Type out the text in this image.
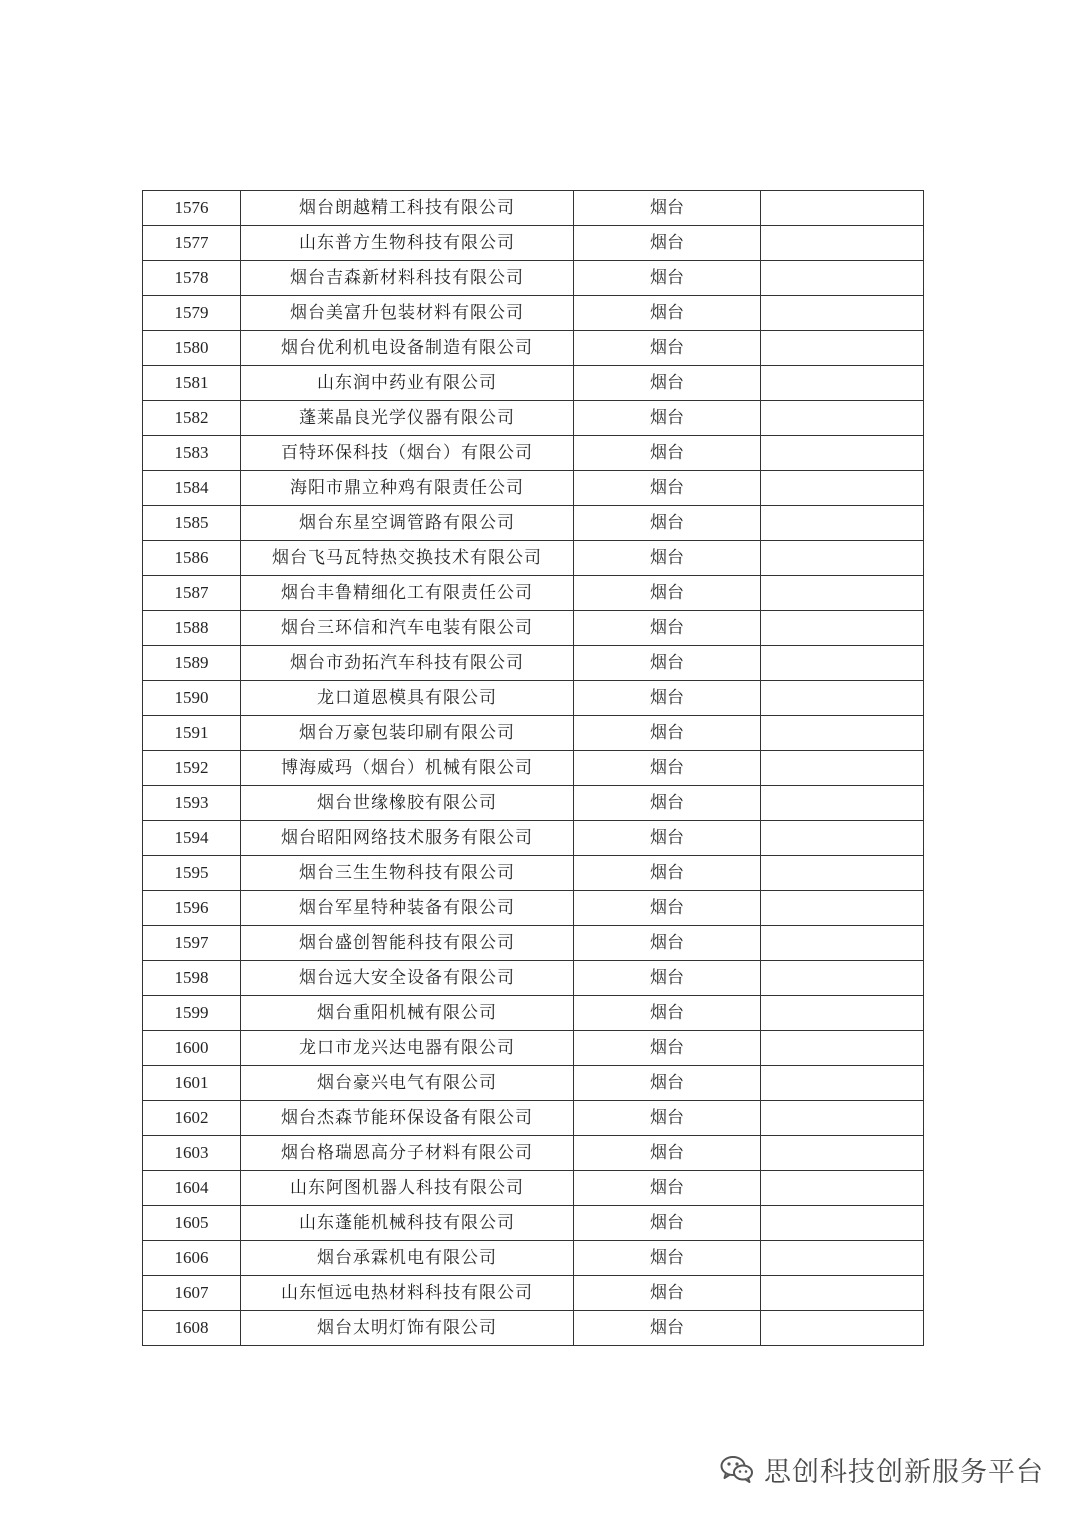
1576	烟台朗越精工科技有限公司	烟台	
1577	山东普方生物科技有限公司	烟台	
1578	烟台吉森新材料科技有限公司	烟台	
1579	烟台美富升包装材料有限公司	烟台	
1580	烟台优利机电设备制造有限公司	烟台	
1581	山东润中药业有限公司	烟台	
1582	蓬莱晶良光学仪器有限公司	烟台	
1583	百特环保科技（烟台）有限公司	烟台	
1584	海阳市鼎立种鸡有限责任公司	烟台	
1585	烟台东星空调管路有限公司	烟台	
1586	烟台飞马瓦特热交换技术有限公司	烟台	
1587	烟台丰鲁精细化工有限责任公司	烟台	
1588	烟台三环信和汽车电装有限公司	烟台	
1589	烟台市劲拓汽车科技有限公司	烟台	
1590	龙口道恩模具有限公司	烟台	
1591	烟台万豪包装印刷有限公司	烟台	
1592	博海威玛（烟台）机械有限公司	烟台	
1593	烟台世缘橡胶有限公司	烟台	
1594	烟台昭阳网络技术服务有限公司	烟台	
1595	烟台三生生物科技有限公司	烟台	
1596	烟台军星特种装备有限公司	烟台	
1597	烟台盛创智能科技有限公司	烟台	
1598	烟台远大安全设备有限公司	烟台	
1599	烟台重阳机械有限公司	烟台	
1600	龙口市龙兴达电器有限公司	烟台	
1601	烟台豪兴电气有限公司	烟台	
1602	烟台杰森节能环保设备有限公司	烟台	
1603	烟台格瑞恩高分子材料有限公司	烟台	
1604	山东阿图机器人科技有限公司	烟台	
1605	山东蓬能机械科技有限公司	烟台	
1606	烟台承霖机电有限公司	烟台	
1607	山东恒远电热材料科技有限公司	烟台	
1608	烟台太明灯饰有限公司	烟台	
思创科技创新服务平台
